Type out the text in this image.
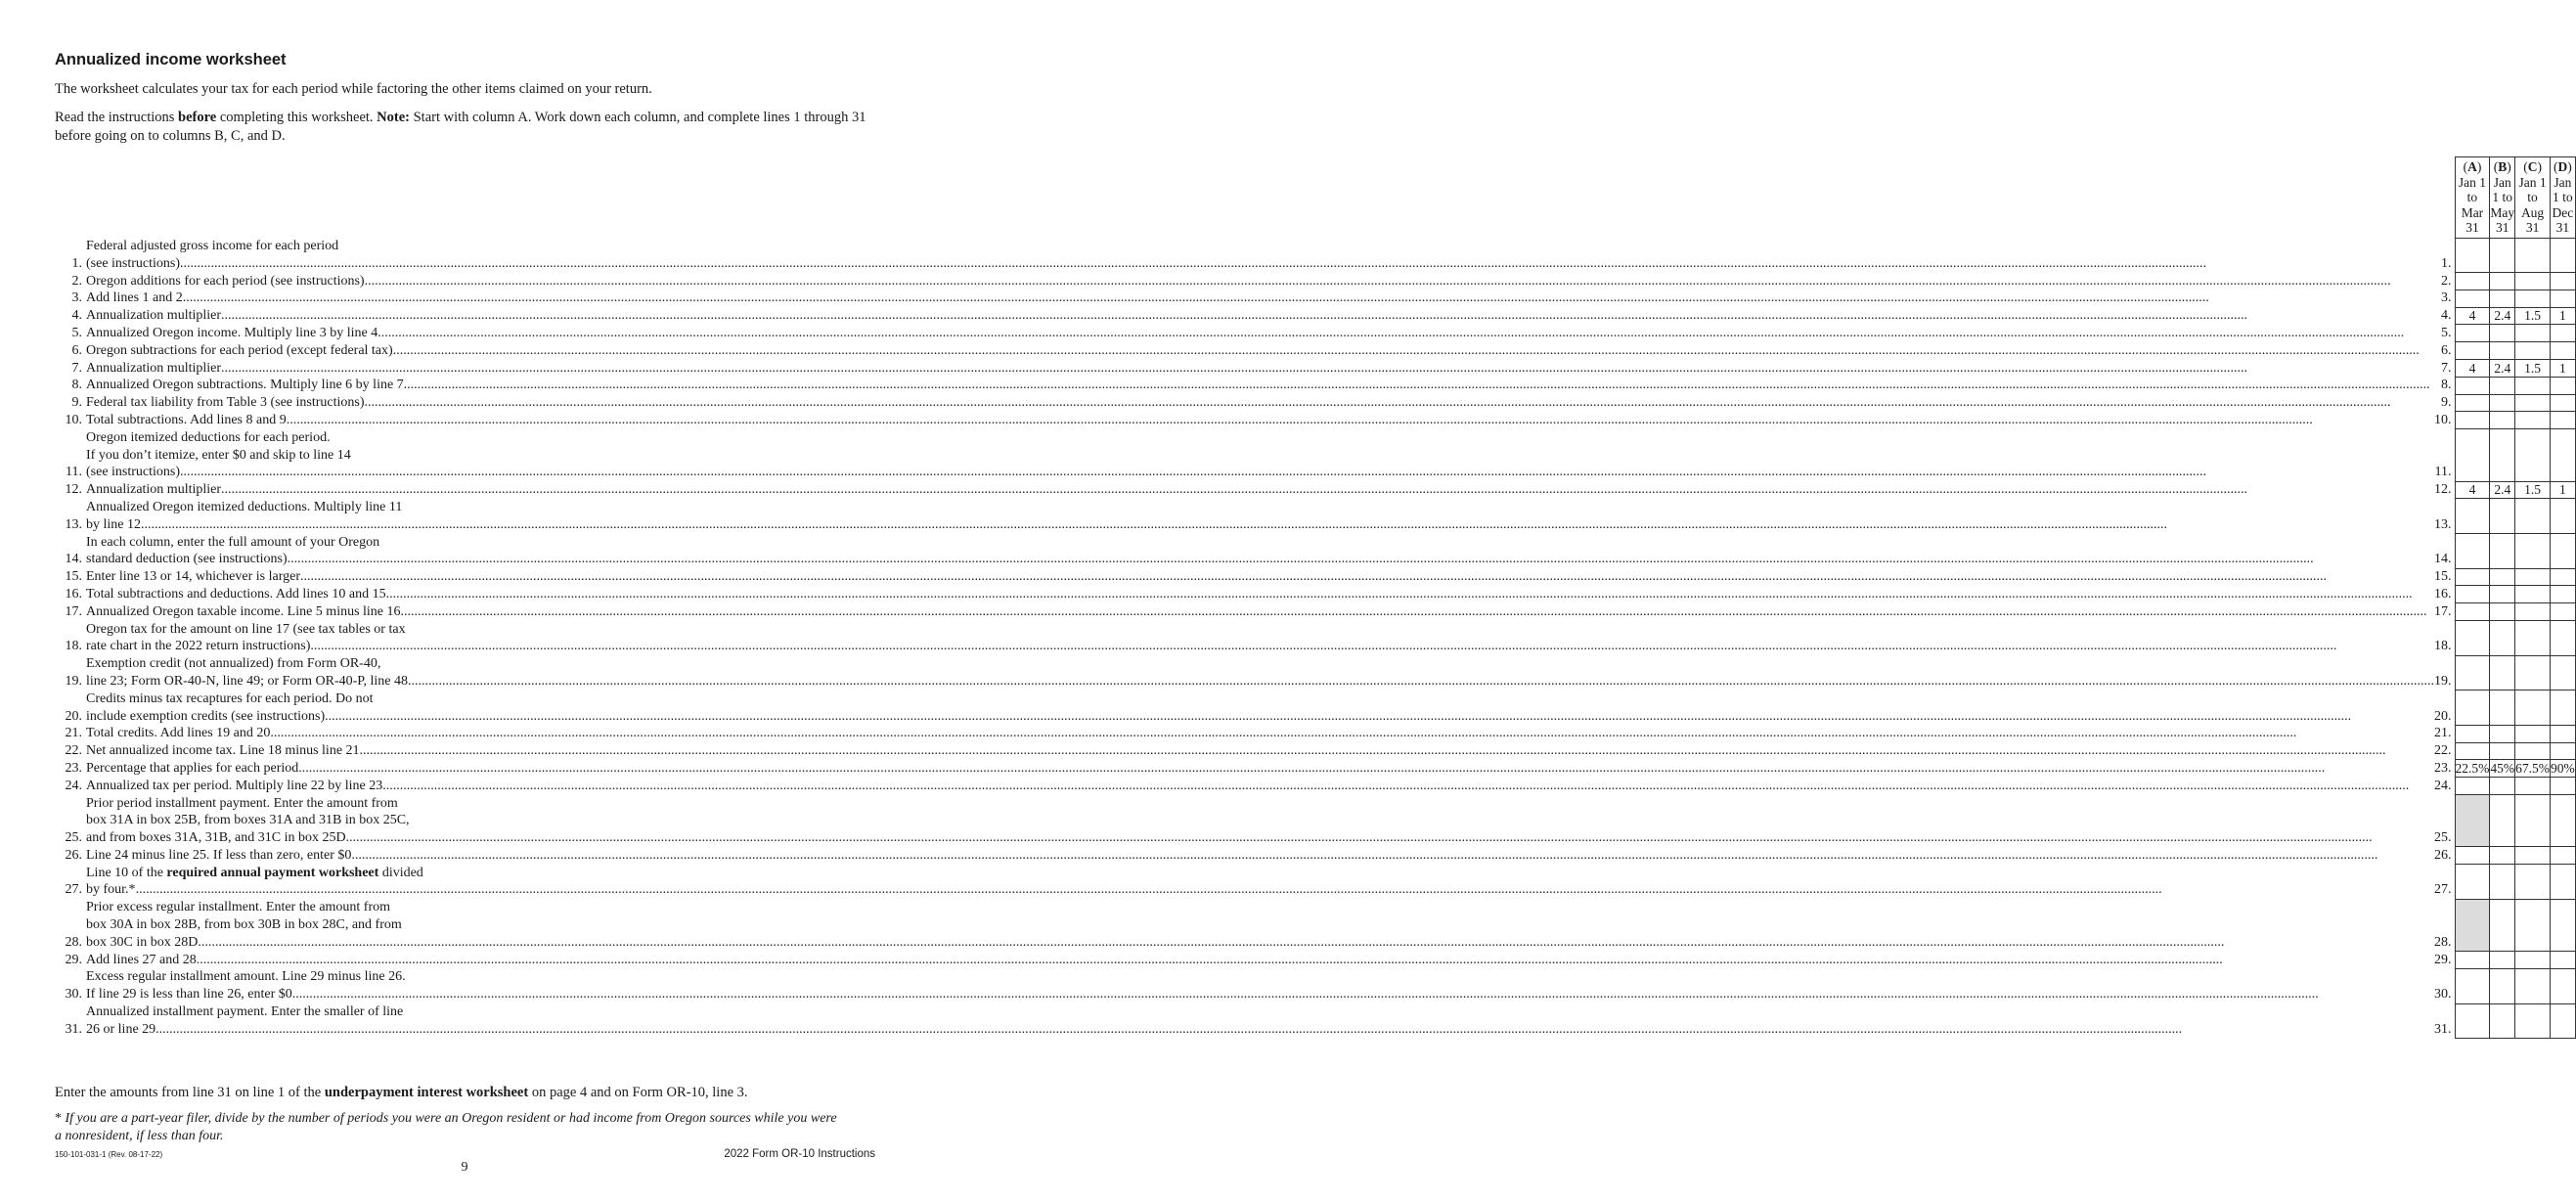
Annualized income worksheet

The worksheet calculates your tax for each period while factoring the other items claimed on your return.

Read the instructions before completing this worksheet. Note: Start with column A. Work down each column, and complete lines 1 through 31 before going on to columns B, C, and D.

	(A)
Jan 1 to
Mar 31	(B)
Jan 1 to
May 31	(C)
Jan 1 to
Aug 31	(D)
Jan 1 to
Dec 31

1.
Federal adjusted gross income for each period
(see instructions) ..... 1.

2. Oregon additions for each period (see instructions) ..... 2.

3. Add lines 1 and 2 ..... 3.

4. Annualization multiplier ..... 4.	4	2.4	1.5	1

5. Annualized Oregon income. Multiply line 3 by line 4 ..... 5.

6. Oregon subtractions for each period (except federal tax) ..... 6.

7. Annualization multiplier ..... 7.	4	2.4	1.5	1

8. Annualized Oregon subtractions. Multiply line 6 by line 7 ..... 8.

9. Federal tax liability from Table 3 (see instructions) ..... 9.

10. Total subtractions. Add lines 8 and 9 ..... 10.

11.
Oregon itemized deductions for each period.
If you don’t itemize, enter $0 and skip to line 14
(see instructions) ..... 11.

12. Annualization multiplier ..... 12.	4	2.4	1.5	1

13.
Annualized Oregon itemized deductions. Multiply line 11
by line 12 ..... 13.

14.
In each column, enter the full amount of your Oregon
standard deduction (see instructions) ..... 14.

15. Enter line 13 or 14, whichever is larger ..... 15.

16. Total subtractions and deductions. Add lines 10 and 15 ..... 16.

17. Annualized Oregon taxable income. Line 5 minus line 16 ..... 17.

18.
Oregon tax for the amount on line 17 (see tax tables or tax
rate chart in the 2022 return instructions) ..... 18.

19.
Exemption credit (not annualized) from Form OR-40,
line 23; Form OR-40-N, line 49; or Form OR-40-P, line 48 ..... 19.

20.
Credits minus tax recaptures for each period. Do not
include exemption credits (see instructions) ..... 20.

21. Total credits. Add lines 19 and 20 ..... 21.

22. Net annualized income tax. Line 18 minus line 21 ..... 22.

23. Percentage that applies for each period ..... 23.	22.5%	45%	67.5%	90%

24. Annualized tax per period. Multiply line 22 by line 23 ..... 24.

25.
Prior period installment payment. Enter the amount from
box 31A in box 25B, from boxes 31A and 31B in box 25C,
and from boxes 31A, 31B, and 31C in box 25D ..... 25.

26. Line 24 minus line 25. If less than zero, enter $0 ..... 26.

27.
Line 10 of the required annual payment worksheet divided
by four.* ..... 27.

28.
Prior excess regular installment. Enter the amount from
box 30A in box 28B, from box 30B in box 28C, and from
box 30C in box 28D ..... 28.

29. Add lines 27 and 28 ..... 29.

30.
Excess regular installment amount. Line 29 minus line 26.
If line 29 is less than line 26, enter $0 ..... 30.

31.
Annualized installment payment. Enter the smaller of line
26 or line 29 ..... 31.

Enter the amounts from line 31 on line 1 of the underpayment interest worksheet on page 4 and on Form OR-10, line 3.

* If you are a part-year filer, divide by the number of periods you were an Oregon resident or had income from Oregon sources while you were a nonresident, if less than four.

150-101-031-1 (Rev. 08-17-22)

9

2022 Form OR-10 Instructions
